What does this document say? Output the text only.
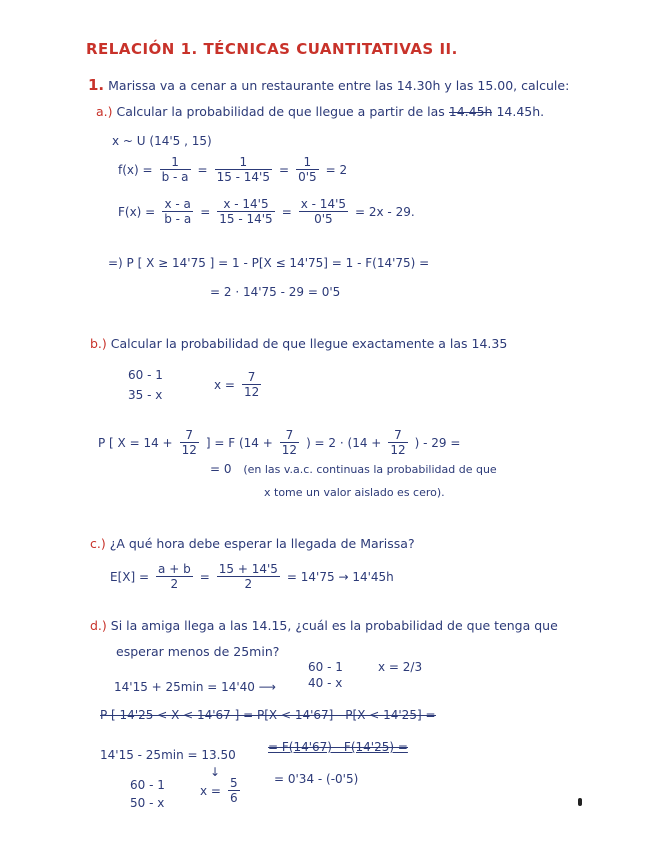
RELACIÓN 1. TÉCNICAS CUANTITATIVAS II.
1. Marissa va a cenar a un restaurante entre las 14.30h y las 15.00, calcule:
a.) Calcular la probabilidad de que llegue a partir de las 14.45h 14.45h.
x ~ U (14'5 , 15)
$f(x) = \frac{1}{b - a} = \frac{1}{15 - 14'5} = \frac{1}{0'5} = 2$
$F(x) = \frac{x - a}{b - a} = \frac{x - 14'5}{15 - 14'5} = \frac{x - 14'5}{0'5} = 2x - 29$.
=) P [ X ≥ 14'75 ] = 1 - P[X ≤ 14'75] = 1 - F(14'75) =
= 2 · 14'75 - 29 = 0'5
b.) Calcular la probabilidad de que llegue exactamente a las 14.35
60 - 1
35 - x
$x = \frac{7}{12}$
P [ $X = 14 + \frac{7}{12}$ ] = F ($14 + \frac{7}{12}$ ) = $2 \cdot (14 + \frac{7}{12}$ ) - 29 =
= 0 (en las v.a.c. continuas la probabilidad de que
x tome un valor aislado es cero).
c.) ¿A qué hora debe esperar la llegada de Marissa?
$E[X] = \frac{a + b}{2} = \frac{15 + 14'5}{2} = 14'75 \to 14'45h$
d.) Si la amiga llega a las 14.15, ¿cuál es la probabilidad de que tenga que
esperar menos de 25min?
60 - 1
40 - x
x = 2/3
14'15 + 25min = 14'40 ⟶
P [ 14'25 < X < 14'67 ] = P[X < 14'67] - P[X < 14'25] =
14'15 - 25min = 13.50
= F(14'67) - F(14'25) =
↓
60 - 1
50 - x
$x = \frac{5}{6}$	= 0'34 - (-0'5)
